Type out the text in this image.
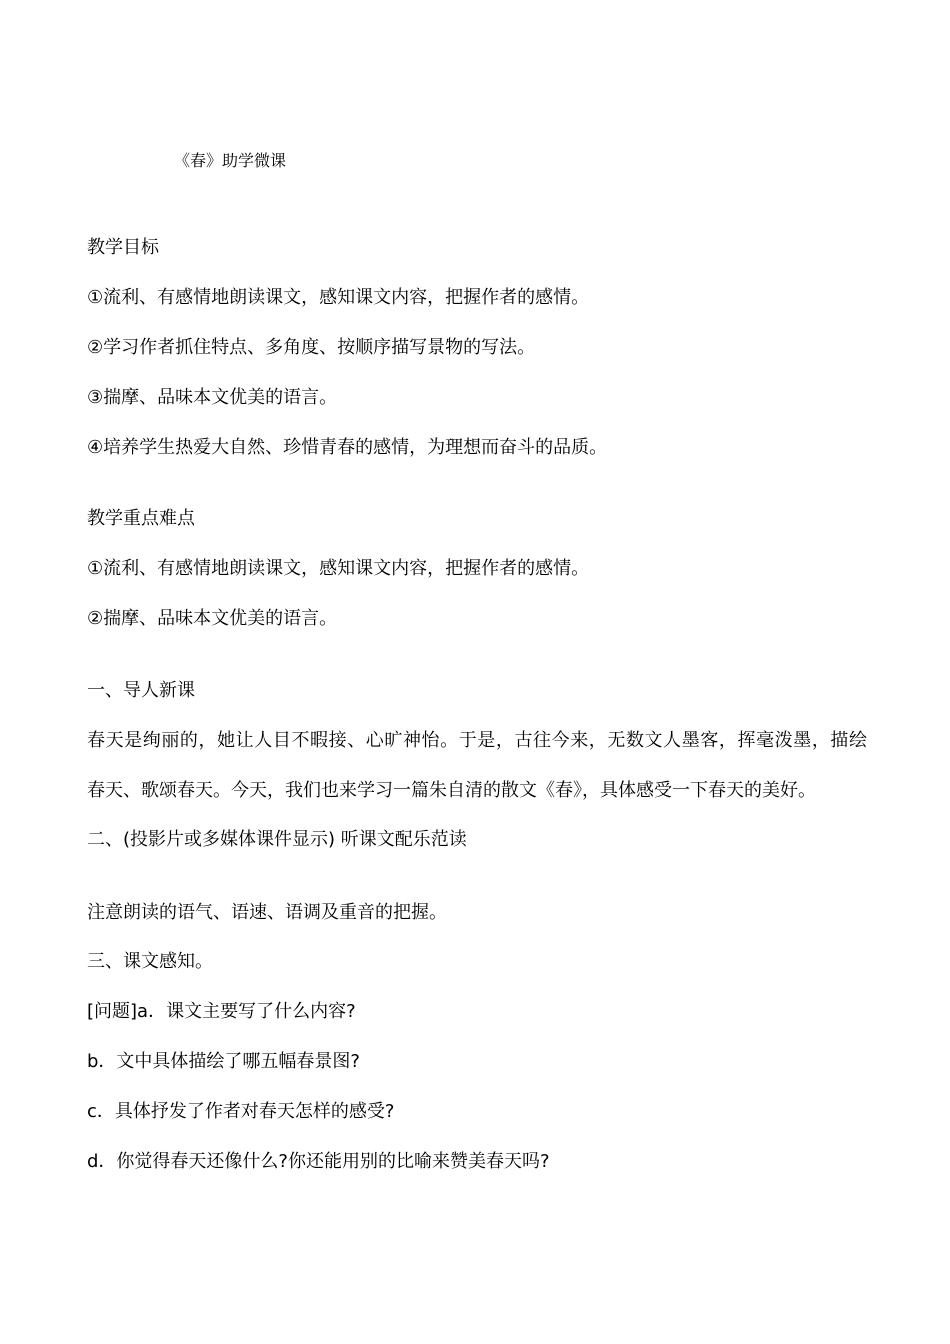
《春》助学微课
教学目标
①流利、有感情地朗读课文，感知课文内容，把握作者的感情。
②学习作者抓住特点、多角度、按顺序描写景物的写法。
③揣摩、品味本文优美的语言。
④培养学生热爱大自然、珍惜青春的感情，为理想而奋斗的品质。
教学重点难点
①流利、有感情地朗读课文，感知课文内容，把握作者的感情。
②揣摩、品味本文优美的语言。
一、导人新课
春天是绚丽的，她让人目不暇接、心旷神怡。于是，古往今来，无数文人墨客，挥毫泼墨，描绘
春天、歌颂春天。今天，我们也来学习一篇朱自清的散文《春》，具体感受一下春天的美好。
二、(投影片或多媒体课件显示) 听课文配乐范读
注意朗读的语气、语速、语调及重音的把握。
三、课文感知。
[问题]a．课文主要写了什么内容?
b．文中具体描绘了哪五幅春景图?
c．具体抒发了作者对春天怎样的感受?
d．你觉得春天还像什么?你还能用别的比喻来赞美春天吗?
